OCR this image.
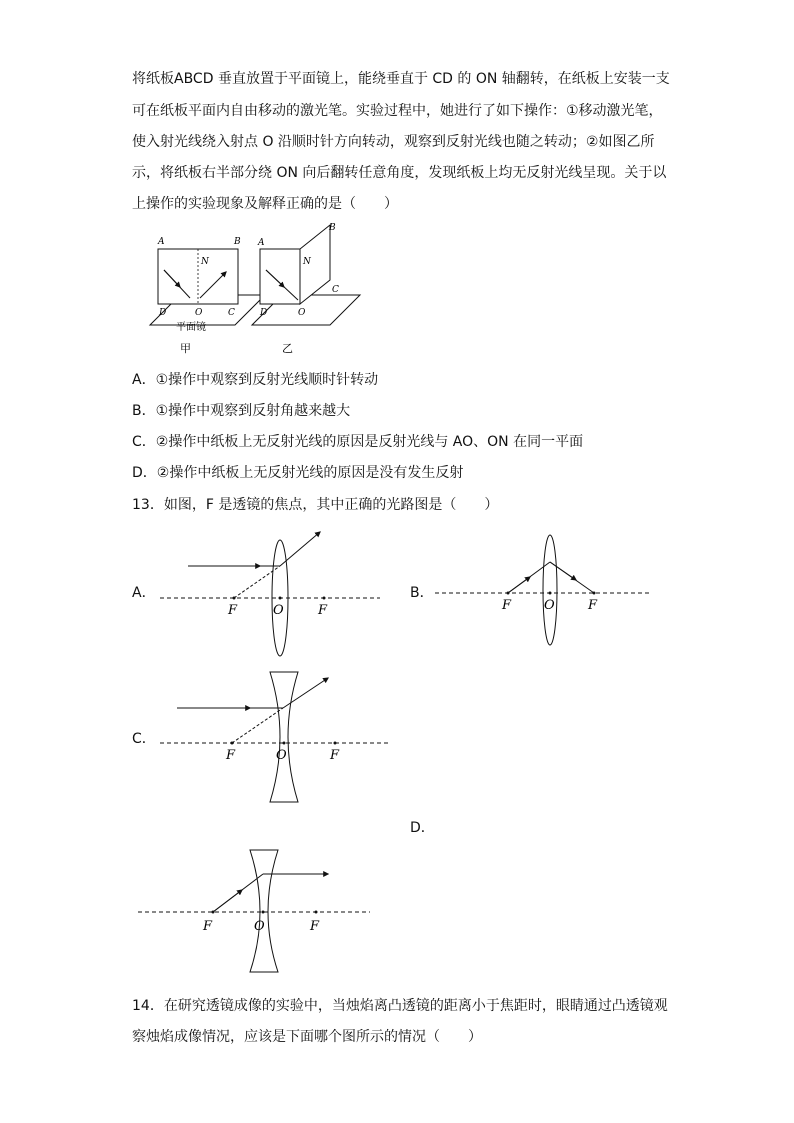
将纸板ABCD 垂直放置于平面镜上，能绕垂直于 CD 的 ON 轴翻转，在纸板上安装一支
可在纸板平面内自由移动的激光笔。实验过程中，她进行了如下操作：①移动激光笔，
使入射光线绕入射点 O 沿顺时针方向转动，观察到反射光线也随之转动；②如图乙所
示，将纸板右半部分绕 ON 向后翻转任意角度，发现纸板上均无反射光线呈现。关于以
上操作的实验现象及解释正确的是（　　）
A	B
N
D	O	C
平面镜
甲
A
B
N
D	O
C
乙
A．①操作中观察到反射光线顺时针转动
B．①操作中观察到反射角越来越大
C．②操作中纸板上无反射光线的原因是反射光线与 AO、ON 在同一平面
D．②操作中纸板上无反射光线的原因是没有发生反射
13．如图，F 是透镜的焦点，其中正确的光路图是（　　）
A．	B．
C．
D．
F	O	F	F	O	F
F	O	F
F	O	F
14．在研究透镜成像的实验中，当烛焰离凸透镜的距离小于焦距时，眼睛通过凸透镜观
察烛焰成像情况，应该是下面哪个图所示的情况（　　）
